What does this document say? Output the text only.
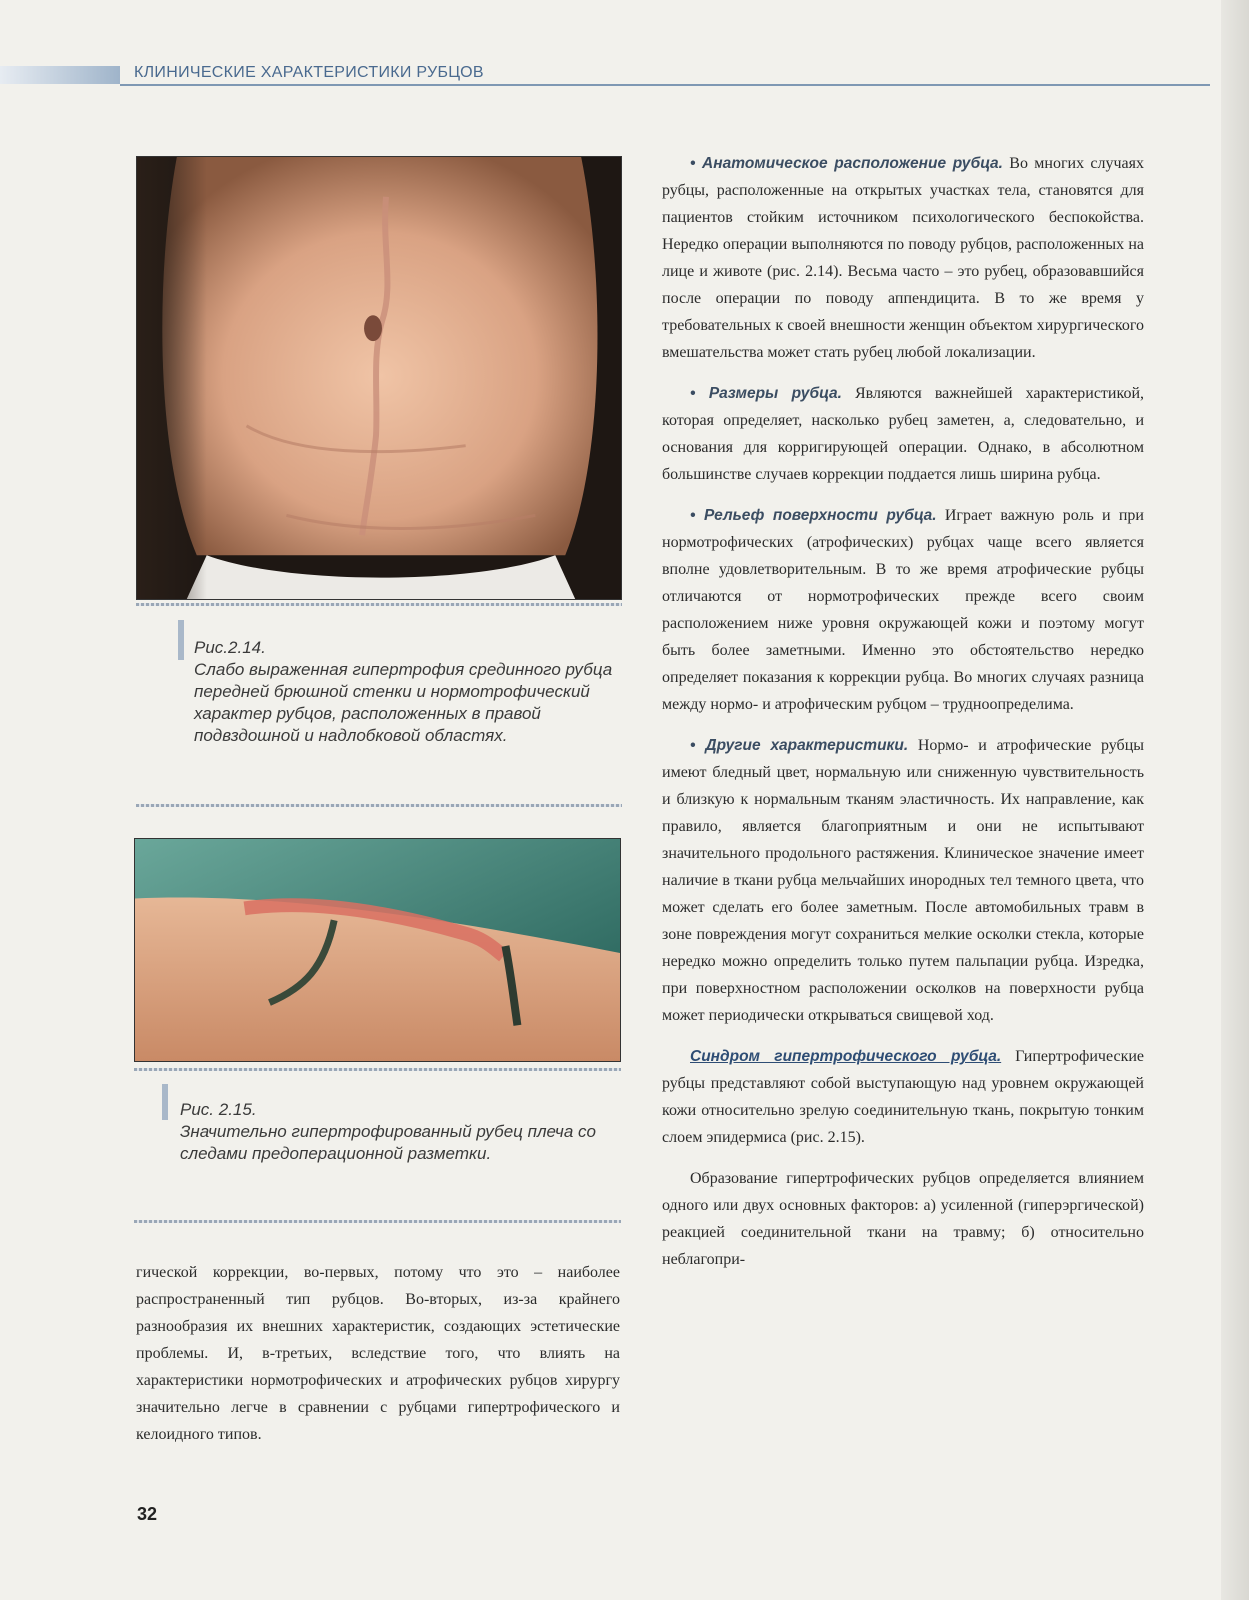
КЛИНИЧЕСКИЕ ХАРАКТЕРИСТИКИ РУБЦОВ
Рис.2.14.
Слабо выраженная гипертрофия срединного рубца передней брюшной стенки и нормотрофический характер рубцов, расположенных в правой подвздошной и надлобковой областях.
Рис. 2.15.
Значительно гипертрофированный рубец плеча со следами предоперационной разметки.

гической коррекции, во-первых, потому что это – наиболее распространенный тип рубцов. Во-вторых, из-за крайнего разнообразия их внешних характеристик, создающих эстетические проблемы. И, в-третьих, вследствие того, что влиять на характеристики нормотрофических и атрофических рубцов хирургу значительно легче в сравнении с рубцами гипертрофического и келоидного типов.

• Анатомическое расположение рубца. Во многих случаях рубцы, расположенные на открытых участках тела, становятся для пациентов стойким источником психологического беспокойства. Нередко операции выполняются по поводу рубцов, расположенных на лице и животе (рис. 2.14). Весьма часто – это рубец, образовавшийся после операции по поводу аппендицита. В то же время у требовательных к своей внешности женщин объектом хирургического вмешательства может стать рубец любой локализации.

• Размеры рубца. Являются важнейшей характеристикой, которая определяет, насколько рубец заметен, а, следовательно, и основания для корригирующей операции. Однако, в абсолютном большинстве случаев коррекции поддается лишь ширина рубца.

• Рельеф поверхности рубца. Играет важную роль и при нормотрофических (атрофических) рубцах чаще всего является вполне удовлетворительным. В то же время атрофические рубцы отличаются от нормотрофических прежде всего своим расположением ниже уровня окружающей кожи и поэтому могут быть более заметными. Именно это обстоятельство нередко определяет показания к коррекции рубца. Во многих случаях разница между нормо- и атрофическим рубцом – трудноопределима.

• Другие характеристики. Нормо- и атрофические рубцы имеют бледный цвет, нормальную или сниженную чувствительность и близкую к нормальным тканям эластичность. Их направление, как правило, является благоприятным и они не испытывают значительного продольного растяжения. Клиническое значение имеет наличие в ткани рубца мельчайших инородных тел темного цвета, что может сделать его более заметным. После автомобильных травм в зоне повреждения могут сохраниться мелкие осколки стекла, которые нередко можно определить только путем пальпации рубца. Изредка, при поверхностном расположении осколков на поверхности рубца может периодически открываться свищевой ход.

Синдром гипертрофического рубца. Гипертрофические рубцы представляют собой выступающую над уровнем окружающей кожи относительно зрелую соединительную ткань, покрытую тонким слоем эпидермиса (рис. 2.15).

Образование гипертрофических рубцов определяется влиянием одного или двух основных факторов: а) усиленной (гиперэргической) реакцией соединительной ткани на травму; б) относительно неблагопри-

32
